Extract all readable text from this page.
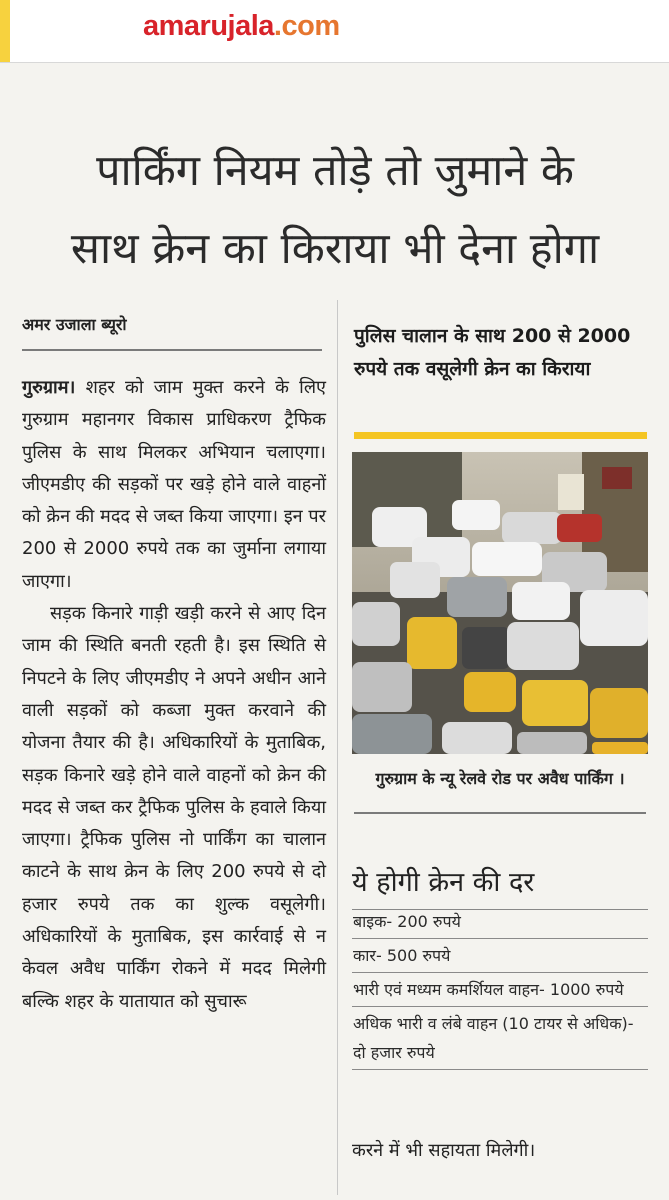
amarujala.com
पार्किंग नियम तोड़े तो जुमाने के
साथ क्रेन का किराया भी देना होगा
अमर उजाला ब्यूरो

गुरुग्राम। शहर को जाम मुक्त करने के लिए गुरुग्राम महानगर विकास प्राधिकरण ट्रैफिक पुलिस के साथ मिलकर अभियान चलाएगा। जीएमडीए की सड़कों पर खड़े होने वाले वाहनों को क्रेन की मदद से जब्त किया जाएगा। इन पर 200 से 2000 रुपये तक का जुर्माना लगाया जाएगा।

सड़क किनारे गाड़ी खड़ी करने से आए दिन जाम की स्थिति बनती रहती है। इस स्थिति से निपटने के लिए जीएमडीए ने अपने अधीन आने वाली सड़कों को कब्जा मुक्त करवाने की योजना तैयार की है। अधिकारियों के मुताबिक, सड़क किनारे खड़े होने वाले वाहनों को क्रेन की मदद से जब्त कर ट्रैफिक पुलिस के हवाले किया जाएगा। ट्रैफिक पुलिस नो पार्किंग का चालान काटने के साथ क्रेन के लिए 200 रुपये से दो हजार रुपये तक का शुल्क वसूलेगी। अधिकारियों के मुताबिक, इस कार्रवाई से न केवल अवैध पार्किंग रोकने में मदद मिलेगी बल्कि शहर के यातायात को सुचारू

पुलिस चालान के साथ 200 से 2000 रुपये तक वसूलेगी क्रेन का किराया
गुरुग्राम के न्यू रेलवे रोड पर अवैध पार्किंग ।
ये होगी क्रेन की दर
बाइक- 200 रुपये
कार- 500 रुपये
भारी एवं मध्यम कमर्शियल वाहन- 1000 रुपये
अधिक भारी व लंबे वाहन (10 टायर से अधिक)- दो हजार रुपये
करने में भी सहायता मिलेगी।
